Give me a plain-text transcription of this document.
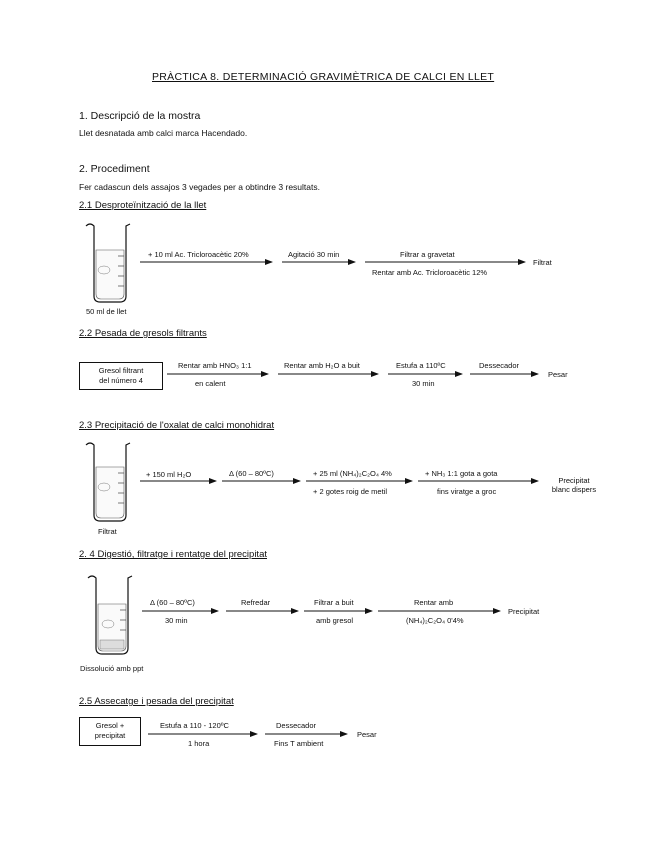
PRÀCTICA 8. DETERMINACIÓ GRAVIMÈTRICA DE CALCI EN LLET
1. Descripció de la mostra
Llet desnatada amb calci marca Hacendado.
2. Procediment
Fer cadascun dels assajos 3 vegades per a obtindre 3 resultats.
2.1 Desproteïnització de la llet
50 ml de llet
+ 10 ml Ac. Tricloroacètic 20%	Agitació 30 min	Filtrar a gravetat
Rentar amb Ac. Tricloroacètic 12%
Filtrat
2.2 Pesada de gresols filtrants
Gresol filtrant
del número 4
Rentar amb HNO₃ 1:1
en calent
Rentar amb H₂O a buit	Estufa a 110ºC
30 min
Dessecador
Pesar
2.3 Precipitació de l'oxalat de calci monohidrat
Filtrat
+ 150 ml H₂O	Δ (60 – 80ºC)	+ 25 ml (NH₄)₂C₂O₄ 4%
+ 2 gotes roig de metil
+ NH₃ 1:1 gota a gota
fins viratge a groc
Precipitat
blanc dispers
2. 4 Digestió, filtratge i rentatge del precipitat
Dissolució amb ppt
Δ (60 – 80ºC)
30 min
Refredar	Filtrar a buit
amb gresol
Rentar amb
(NH₄)₂C₂O₄ 0'4%
Precipitat
2.5 Assecatge i pesada del precipitat
Gresol +
precipitat
Estufa a 110 - 120ºC
1 hora
Dessecador
Fins T ambient
Pesar
